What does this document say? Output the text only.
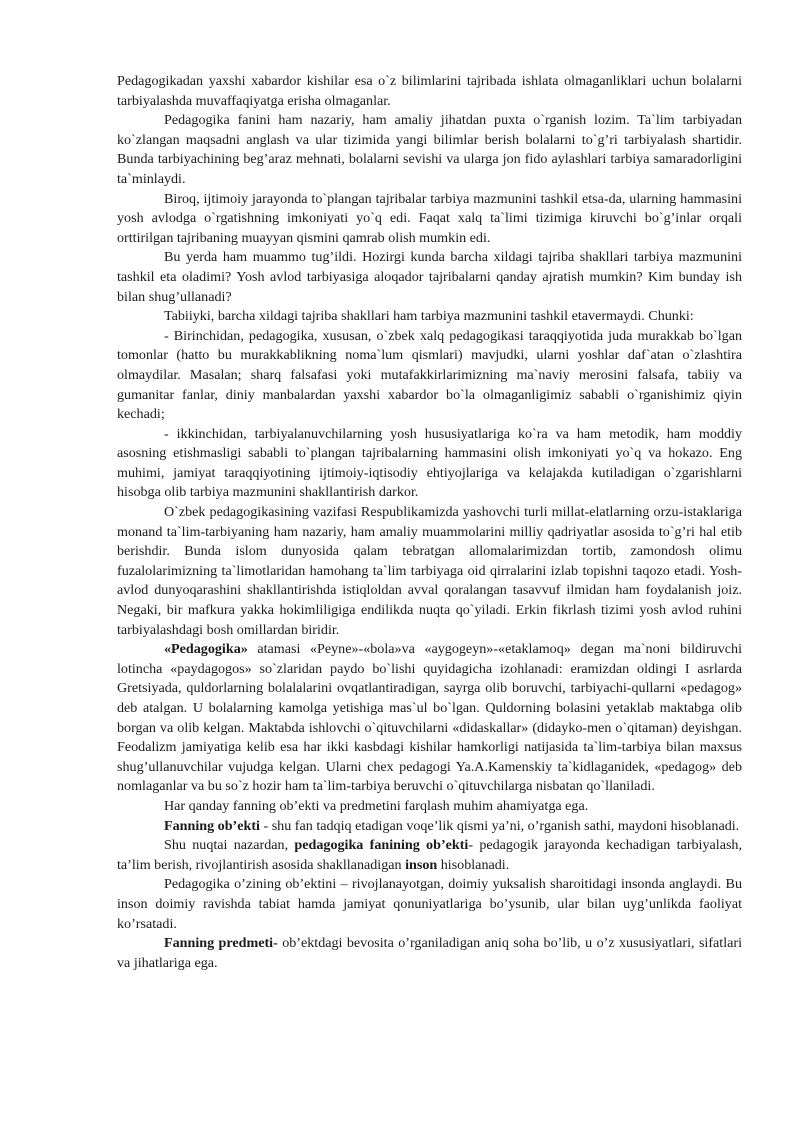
Pedagogikadan yaxshi xabardor kishilar esa o`z bilimlarini tajribada ishlata olmaganliklari uchun bolalarni tarbiyalashda muvaffaqiyatga erisha olmaganlar.

Pedagogika fanini ham nazariy, ham amaliy jihatdan puxta o`rganish lozim. Ta`lim tarbiyadan ko`zlangan maqsadni anglash va ular tizimida yangi bilimlar berish bolalarni to`g’ri tarbiyalash shartidir. Bunda tarbiyachining beg’araz mehnati, bolalarni sevishi va ularga jon fido aylashlari tarbiya samaradorligini ta`minlaydi.

Biroq, ijtimoiy jarayonda to`plangan tajribalar tarbiya mazmunini tashkil etsa-da, ularning hammasini yosh avlodga o`rgatishning imkoniyati yo`q edi. Faqat xalq ta`limi tizimiga kiruvchi bo`g’inlar orqali orttirilgan tajribaning muayyan qismini qamrab olish mumkin edi.

Bu yerda ham muammo tug’ildi. Hozirgi kunda barcha xildagi tajriba shakllari tarbiya mazmunini tashkil eta oladimi? Yosh avlod tarbiyasiga aloqador tajribalarni qanday ajratish mumkin? Kim bunday ish bilan shug’ullanadi?

Tabiiyki, barcha xildagi tajriba shakllari ham tarbiya mazmunini tashkil etavermaydi. Chunki:

- Birinchidan, pedagogika, xususan, o`zbek xalq pedagogikasi taraqqiyotida juda murakkab bo`lgan tomonlar (hatto bu murakkablikning noma`lum qismlari) mavjudki, ularni yoshlar daf`atan o`zlashtira olmaydilar. Masalan; sharq falsafasi yoki mutafakkirlarimizning ma`naviy merosini falsafa, tabiiy va gumanitar fanlar, diniy manbalardan yaxshi xabardor bo`la olmaganligimiz sababli o`rganishimiz qiyin kechadi;

- ikkinchidan, tarbiyalanuvchilarning yosh hususiyatlariga ko`ra va ham metodik, ham moddiy asosning etishmasligi sababli to`plangan tajribalarning hammasini olish imkoniyati yo`q va hokazo. Eng muhimi, jamiyat taraqqiyotining ijtimoiy-iqtisodiy ehtiyojlariga va kelajakda kutiladigan o`zgarishlarni hisobga olib tarbiya mazmunini shakllantirish darkor.

O`zbek pedagogikasining vazifasi Respublikamizda yashovchi turli millat-elatlarning orzu-istaklariga monand ta`lim-tarbiyaning ham nazariy, ham amaliy muammolarini milliy qadriyatlar asosida to`g’ri hal etib berishdir. Bunda islom dunyosida qalam tebratgan allomalarimizdan tortib, zamondosh olimu fuzalolarimizning ta`limotlaridan hamohang ta`lim tarbiyaga oid qirralarini izlab topishni taqozo etadi. Yosh-avlod dunyoqarashini shakllantirishda istiqloldan avval qoralangan tasavvuf ilmidan ham foydalanish joiz. Negaki, bir mafkura yakka hokimliligiga endilikda nuqta qo`yiladi. Erkin fikrlash tizimi yosh avlod ruhini tarbiyalashdagi bosh omillardan biridir.

«Pedagogika» atamasi «Peyne»-«bola»va «aygogeyn»-«etaklamoq» degan ma`noni bildiruvchi lotincha «paydagogos» so`zlaridan paydo bo`lishi quyidagicha izohlanadi: eramizdan oldingi I asrlarda Gretsiyada, quldorlarning bolalalarini ovqatlantiradigan, sayrga olib boruvchi, tarbiyachi-qullarni «pedagog» deb atalgan. U bolalarning kamolga yetishiga mas`ul bo`lgan. Quldorning bolasini yetaklab maktabga olib borgan va olib kelgan. Maktabda ishlovchi o`qituvchilarni «didaskallar» (didayko-men o`qitaman) deyishgan. Feodalizm jamiyatiga kelib esa har ikki kasbdagi kishilar hamkorligi natijasida ta`lim-tarbiya bilan maxsus shug’ullanuvchilar vujudga kelgan. Ularni chex pedagogi Ya.A.Kamenskiy ta`kidlaganidek, «pedagog» deb nomlaganlar va bu so`z hozir ham ta`lim-tarbiya beruvchi o`qituvchilarga nisbatan qo`llaniladi.

Har qanday fanning ob’ekti va predmetini farqlash muhim ahamiyatga ega.

Fanning ob’ekti - shu fan tadqiq etadigan voqe’lik qismi ya’ni, o’rganish sathi, maydoni hisoblanadi.

Shu nuqtai nazardan, pedagogika fanining ob’ekti- pedagogik jarayonda kechadigan tarbiyalash, ta’lim berish, rivojlantirish asosida shakllanadigan inson hisoblanadi.

Pedagogika o’zining ob’ektini – rivojlanayotgan, doimiy yuksalish sharoitidagi insonda anglaydi. Bu inson doimiy ravishda tabiat hamda jamiyat qonuniyatlariga bo’ysunib, ular bilan uyg’unlikda faoliyat ko’rsatadi.

Fanning predmeti- ob’ektdagi bevosita o’rganiladigan aniq soha bo’lib, u o’z xususiyatlari, sifatlari va jihatlariga ega.
